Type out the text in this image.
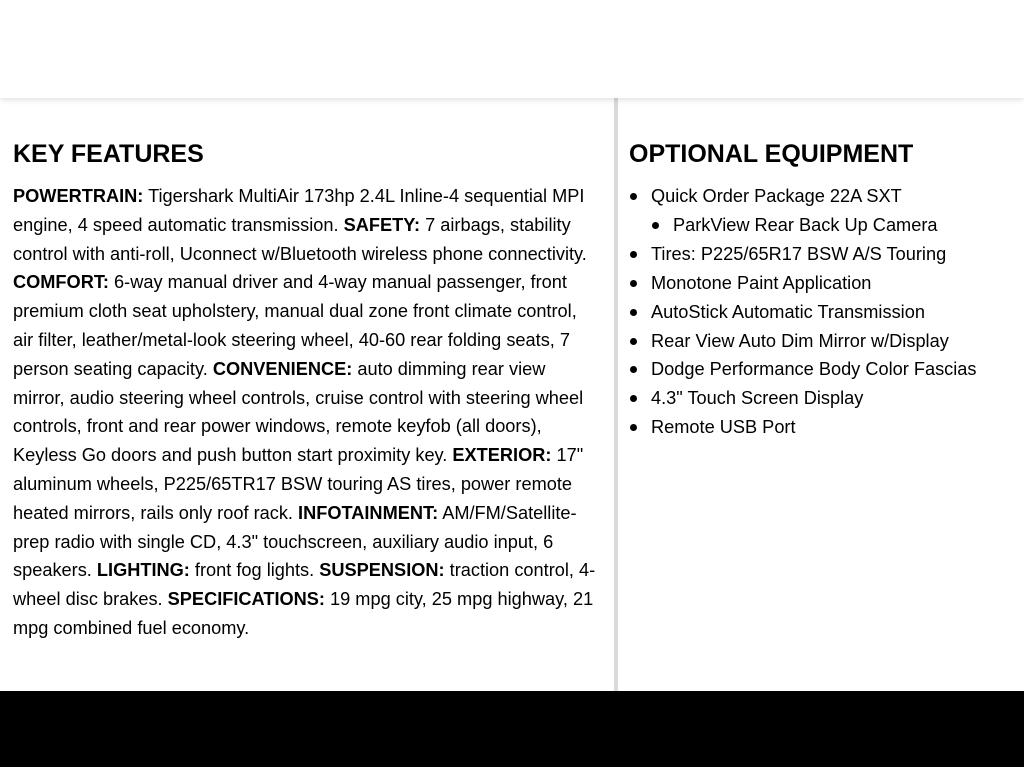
KEY FEATURES

POWERTRAIN: Tigershark MultiAir 173hp 2.4L Inline-4 sequential MPI engine, 4 speed automatic transmission. SAFETY: 7 airbags, stability control with anti-roll, Uconnect w/Bluetooth wireless phone connectivity. COMFORT: 6-way manual driver and 4-way manual passenger, front premium cloth seat upholstery, manual dual zone front climate control, air filter, leather/metal-look steering wheel, 40-60 rear folding seats, 7 person seating capacity. CONVENIENCE: auto dimming rear view mirror, audio steering wheel controls, cruise control with steering wheel controls, front and rear power windows, remote keyfob (all doors), Keyless Go doors and push button start proximity key. EXTERIOR: 17" aluminum wheels, P225/65TR17 BSW touring AS tires, power remote heated mirrors, rails only roof rack. INFOTAINMENT: AM/FM/Satellite-prep radio with single CD, 4.3" touchscreen, auxiliary audio input, 6 speakers. LIGHTING: front fog lights. SUSPENSION: traction control, 4-wheel disc brakes. SPECIFICATIONS: 19 mpg city, 25 mpg highway, 21 mpg combined fuel economy.

OPTIONAL EQUIPMENT
Quick Order Package 22A SXT
ParkView Rear Back Up Camera
Tires: P225/65R17 BSW A/S Touring
Monotone Paint Application
AutoStick Automatic Transmission
Rear View Auto Dim Mirror w/Display
Dodge Performance Body Color Fascias
4.3" Touch Screen Display
Remote USB Port
